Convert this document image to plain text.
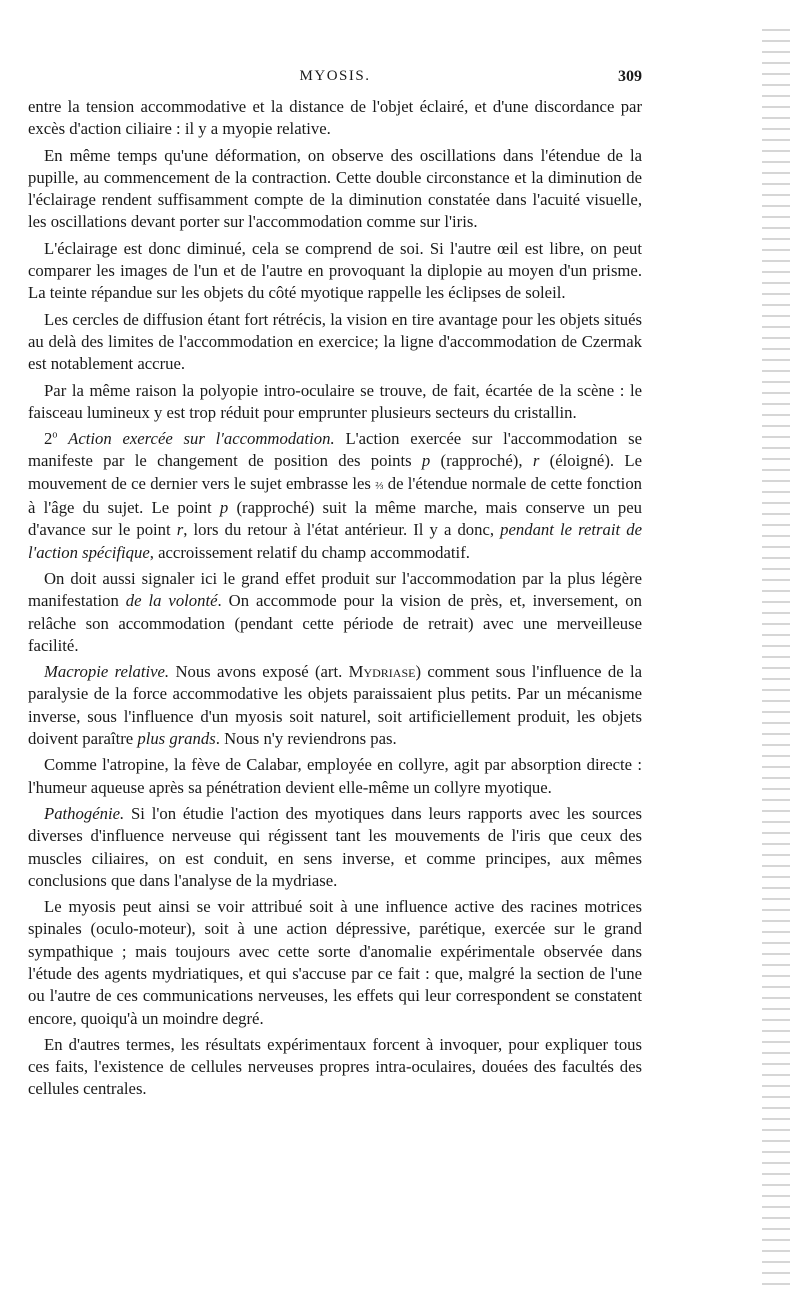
MYOSIS.	309

entre la tension accommodative et la distance de l'objet éclairé, et d'une discordance par excès d'action ciliaire : il y a myopie relative.

En même temps qu'une déformation, on observe des oscillations dans l'étendue de la pupille, au commencement de la contraction. Cette double circonstance et la diminution de l'éclairage rendent suffisamment compte de la diminution constatée dans l'acuité visuelle, les oscillations devant porter sur l'accommodation comme sur l'iris.

L'éclairage est donc diminué, cela se comprend de soi. Si l'autre œil est libre, on peut comparer les images de l'un et de l'autre en provoquant la diplopie au moyen d'un prisme. La teinte répandue sur les objets du côté myotique rappelle les éclipses de soleil.

Les cercles de diffusion étant fort rétrécis, la vision en tire avantage pour les objets situés au delà des limites de l'accommodation en exercice; la ligne d'accommodation de Czermak est notablement accrue.

Par la même raison la polyopie intro-oculaire se trouve, de fait, écartée de la scène : le faisceau lumineux y est trop réduit pour emprunter plusieurs secteurs du cristallin.

2$^o$ Action exercée sur l'accommodation. L'action exercée sur l'accommodation se manifeste par le changement de position des points p (rapproché), r (éloigné). Le mouvement de ce dernier vers le sujet embrasse les ⅔ de l'étendue normale de cette fonction à l'âge du sujet. Le point p (rapproché) suit la même marche, mais conserve un peu d'avance sur le point r, lors du retour à l'état antérieur. Il y a donc, pendant le retrait de l'action spécifique, accroissement relatif du champ accommodatif.

On doit aussi signaler ici le grand effet produit sur l'accommodation par la plus légère manifestation de la volonté. On accommode pour la vision de près, et, inversement, on relâche son accommodation (pendant cette période de retrait) avec une merveilleuse facilité.

Macropie relative. Nous avons exposé (art. Mydriase) comment sous l'influence de la paralysie de la force accommodative les objets paraissaient plus petits. Par un mécanisme inverse, sous l'influence d'un myosis soit naturel, soit artificiellement produit, les objets doivent paraître plus grands. Nous n'y reviendrons pas.

Comme l'atropine, la fève de Calabar, employée en collyre, agit par absorption directe : l'humeur aqueuse après sa pénétration devient elle-même un collyre myotique.

Pathogénie. Si l'on étudie l'action des myotiques dans leurs rapports avec les sources diverses d'influence nerveuse qui régissent tant les mouvements de l'iris que ceux des muscles ciliaires, on est conduit, en sens inverse, et comme principes, aux mêmes conclusions que dans l'analyse de la mydriase.

Le myosis peut ainsi se voir attribué soit à une influence active des racines motrices spinales (oculo-moteur), soit à une action dépressive, parétique, exercée sur le grand sympathique ; mais toujours avec cette sorte d'anomalie expérimentale observée dans l'étude des agents mydriatiques, et qui s'accuse par ce fait : que, malgré la section de l'une ou l'autre de ces communications nerveuses, les effets qui leur correspondent se constatent encore, quoiqu'à un moindre degré.

En d'autres termes, les résultats expérimentaux forcent à invoquer, pour expliquer tous ces faits, l'existence de cellules nerveuses propres intra-oculaires, douées des facultés des cellules centrales.
